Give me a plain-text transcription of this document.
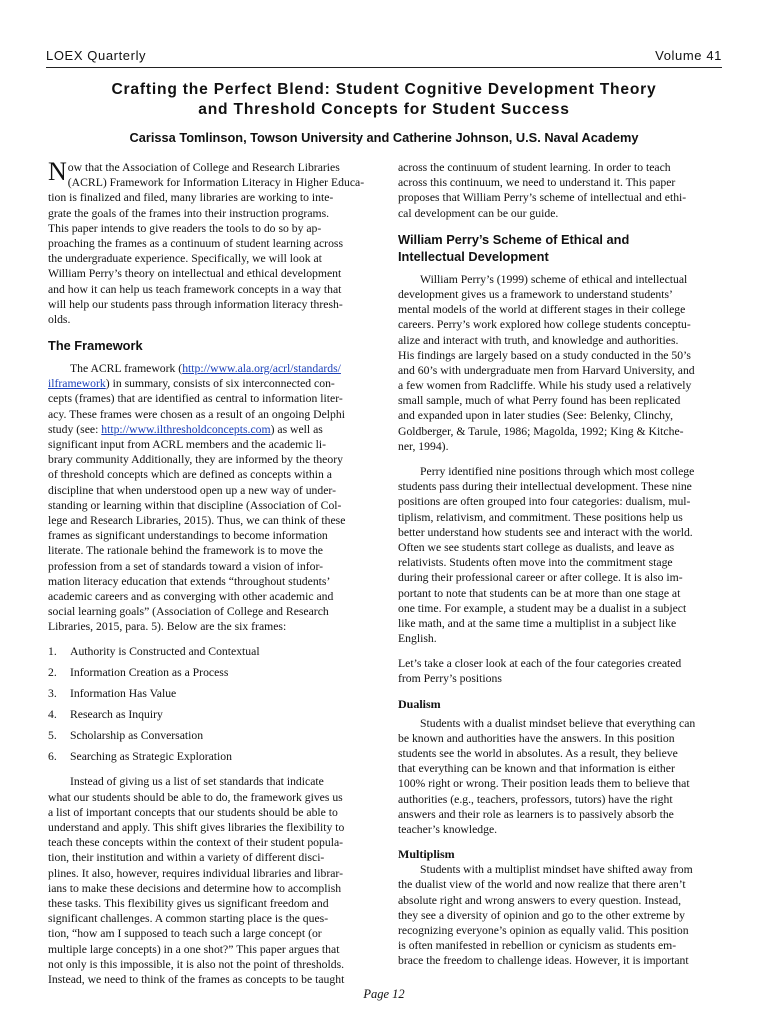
LOEX Quarterly	Volume 41
Crafting the Perfect Blend: Student Cognitive Development Theory
and Threshold Concepts for Student Success
Carissa Tomlinson, Towson University and Catherine Johnson, U.S. Naval Academy
N ow that the Association of College and Research Libraries
(ACRL) Framework for Information Literacy in Higher Educa-
tion is finalized and filed, many libraries are working to inte-
grate the goals of the frames into their instruction programs.
This paper intends to give readers the tools to do so by ap-
proaching the frames as a continuum of student learning across
the undergraduate experience. Specifically, we will look at
William Perry’s theory on intellectual and ethical development
and how it can help us teach framework concepts in a way that
will help our students pass through information literacy thresh-
olds.
The Framework
The ACRL framework (http://www.ala.org/acrl/standards/
ilframework) in summary, consists of six interconnected con-
cepts (frames) that are identified as central to information liter-
acy. These frames were chosen as a result of an ongoing Delphi
study (see: http://www.ilthresholdconcepts.com) as well as
significant input from ACRL members and the academic li-
brary community Additionally, they are informed by the theory
of threshold concepts which are defined as concepts within a
discipline that when understood open up a new way of under-
standing or learning within that discipline (Association of Col-
lege and Research Libraries, 2015). Thus, we can think of these
frames as significant understandings to become information
literate. The rationale behind the framework is to move the
profession from a set of standards toward a vision of infor-
mation literacy education that extends “throughout students’
academic careers and as converging with other academic and
social learning goals” (Association of College and Research
Libraries, 2015, para. 5). Below are the six frames:
1. Authority is Constructed and Contextual
2. Information Creation as a Process
3. Information Has Value
4. Research as Inquiry
5. Scholarship as Conversation
6. Searching as Strategic Exploration
Instead of giving us a list of set standards that indicate
what our students should be able to do, the framework gives us
a list of important concepts that our students should be able to
understand and apply. This shift gives libraries the flexibility to
teach these concepts within the context of their student popula-
tion, their institution and within a variety of different disci-
plines. It also, however, requires individual libraries and librar-
ians to make these decisions and determine how to accomplish
these tasks. This flexibility gives us significant freedom and
significant challenges. A common starting place is the ques-
tion, “how am I supposed to teach such a large concept (or
multiple large concepts) in a one shot?” This paper argues that
not only is this impossible, it is also not the point of thresholds.
Instead, we need to think of the frames as concepts to be taught
across the continuum of student learning. In order to teach
across this continuum, we need to understand it. This paper
proposes that William Perry’s scheme of intellectual and ethi-
cal development can be our guide.
William Perry’s Scheme of Ethical and
Intellectual Development
William Perry’s (1999) scheme of ethical and intellectual
development gives us a framework to understand students’
mental models of the world at different stages in their college
careers. Perry’s work explored how college students conceptu-
alize and interact with truth, and knowledge and authorities.
His findings are largely based on a study conducted in the 50’s
and 60’s with undergraduate men from Harvard University, and
a few women from Radcliffe. While his study used a relatively
small sample, much of what Perry found has been replicated
and expanded upon in later studies (See: Belenky, Clinchy,
Goldberger, & Tarule, 1986; Magolda, 1992; King & Kitche-
ner, 1994).
Perry identified nine positions through which most college
students pass during their intellectual development. These nine
positions are often grouped into four categories: dualism, mul-
tiplism, relativism, and commitment. These positions help us
better understand how students see and interact with the world.
Often we see students start college as dualists, and leave as
relativists. Students often move into the commitment stage
during their professional career or after college. It is also im-
portant to note that students can be at more than one stage at
one time. For example, a student may be a dualist in a subject
like math, and at the same time a multiplist in a subject like
English.
Let’s take a closer look at each of the four categories created
from Perry’s positions
Dualism
Students with a dualist mindset believe that everything can
be known and authorities have the answers. In this position
students see the world in absolutes. As a result, they believe
that everything can be known and that information is either
100% right or wrong. Their position leads them to believe that
authorities (e.g., teachers, professors, tutors) have the right
answers and their role as learners is to passively absorb the
teacher’s knowledge.
Multiplism
Students with a multiplist mindset have shifted away from
the dualist view of the world and now realize that there aren’t
absolute right and wrong answers to every question. Instead,
they see a diversity of opinion and go to the other extreme by
recognizing everyone’s opinion as equally valid. This position
is often manifested in rebellion or cynicism as students em-
brace the freedom to challenge ideas. However, it is important
Page 12
